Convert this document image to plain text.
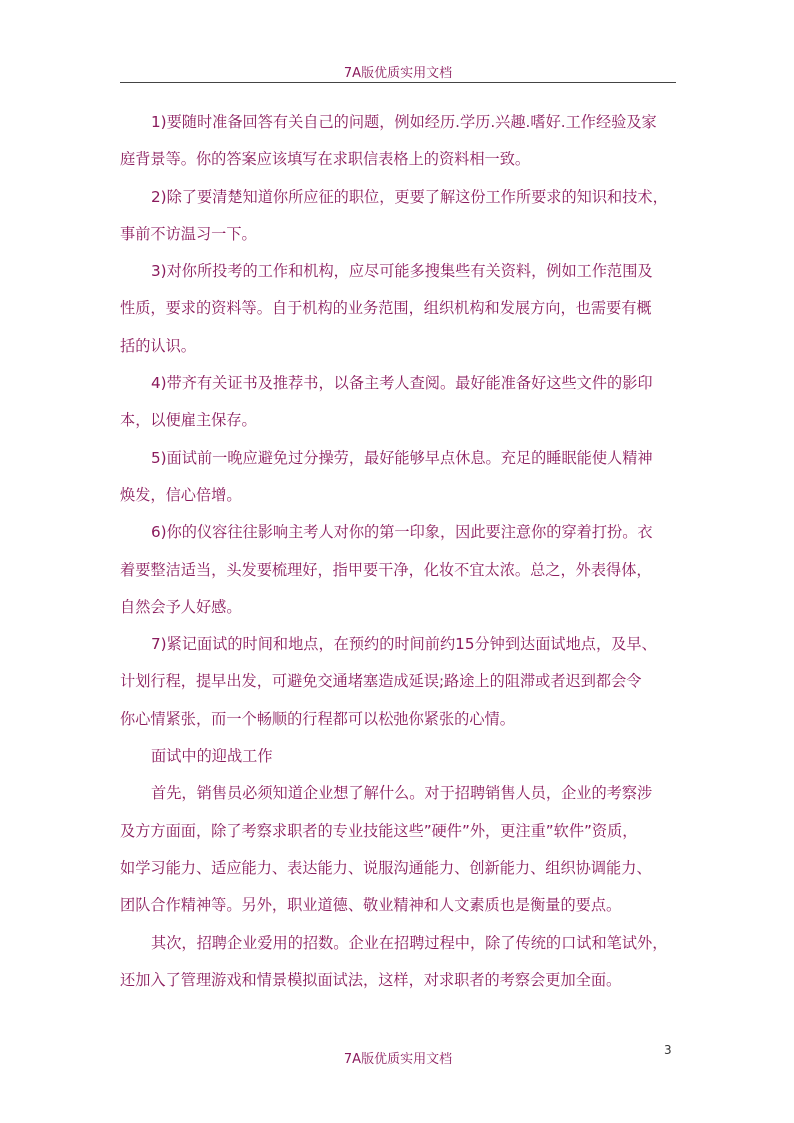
7A版优质实用文档
1)要随时准备回答有关自己的问题，例如经历.学历.兴趣.嗜好.工作经验及家
庭背景等。你的答案应该填写在求职信表格上的资料相一致。
2)除了要清楚知道你所应征的职位，更要了解这份工作所要求的知识和技术，
事前不访温习一下。
3)对你所投考的工作和机构，应尽可能多搜集些有关资料，例如工作范围及
性质，要求的资料等。自于机构的业务范围，组织机构和发展方向，也需要有概
括的认识。
4)带齐有关证书及推荐书，以备主考人查阅。最好能准备好这些文件的影印
本，以便雇主保存。
5)面试前一晚应避免过分操劳，最好能够早点休息。充足的睡眠能使人精神
焕发，信心倍增。
6)你的仪容往往影响主考人对你的第一印象，因此要注意你的穿着打扮。衣
着要整洁适当，头发要梳理好，指甲要干净，化妆不宜太浓。总之，外表得体，
自然会予人好感。
7)紧记面试的时间和地点，在预约的时间前约15分钟到达面试地点，及早、
计划行程，提早出发，可避免交通堵塞造成延误;路途上的阻滞或者迟到都会令
你心情紧张，而一个畅顺的行程都可以松弛你紧张的心情。
面试中的迎战工作
首先，销售员必须知道企业想了解什么。对于招聘销售人员，企业的考察涉
及方方面面，除了考察求职者的专业技能这些”硬件”外，更注重”软件”资质，
如学习能力、适应能力、表达能力、说服沟通能力、创新能力、组织协调能力、
团队合作精神等。另外，职业道德、敬业精神和人文素质也是衡量的要点。
其次，招聘企业爱用的招数。企业在招聘过程中，除了传统的口试和笔试外，
还加入了管理游戏和情景模拟面试法，这样，对求职者的考察会更加全面。
3
7A版优质实用文档
